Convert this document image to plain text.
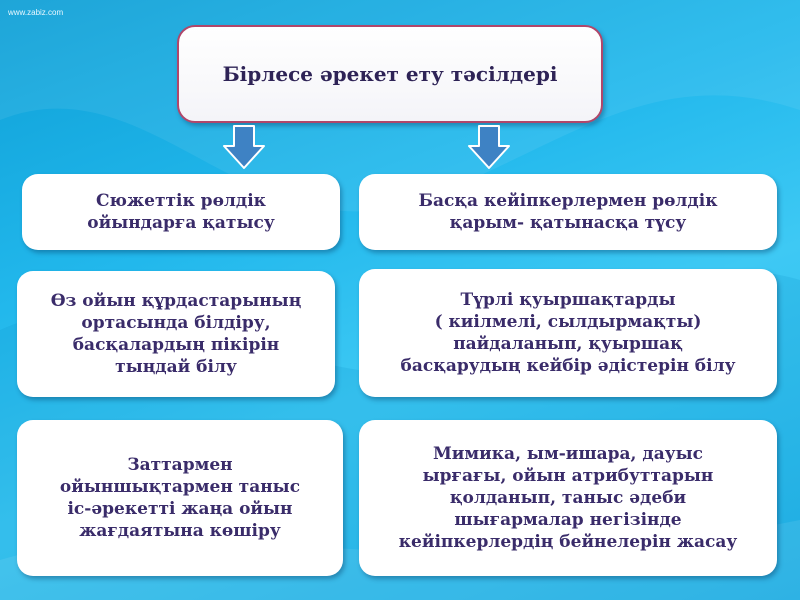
www.zabiz.com
Бірлесе әрекет ету тәсілдері
Сюжеттік рөлдік
ойындарға қатысу
Басқа кейіпкерлермен рөлдік
қарым- қатынасқа түсу
Өз ойын құрдастарының
ортасында білдіру,
басқалардың пікірін
тыңдай білу
Түрлі қуыршақтарды
( киілмелі, сылдырмақты)
пайдаланып, қуыршақ
басқарудың кейбір әдістерін білу
Заттармен
ойыншықтармен таныс
іс-әрекетті жаңа ойын
жағдаятына көшіру
Мимика, ым-ишара, дауыс
ырғағы, ойын атрибуттарын
қолданып, таныс әдеби
шығармалар негізінде
кейіпкерлердің бейнелерін жасау
